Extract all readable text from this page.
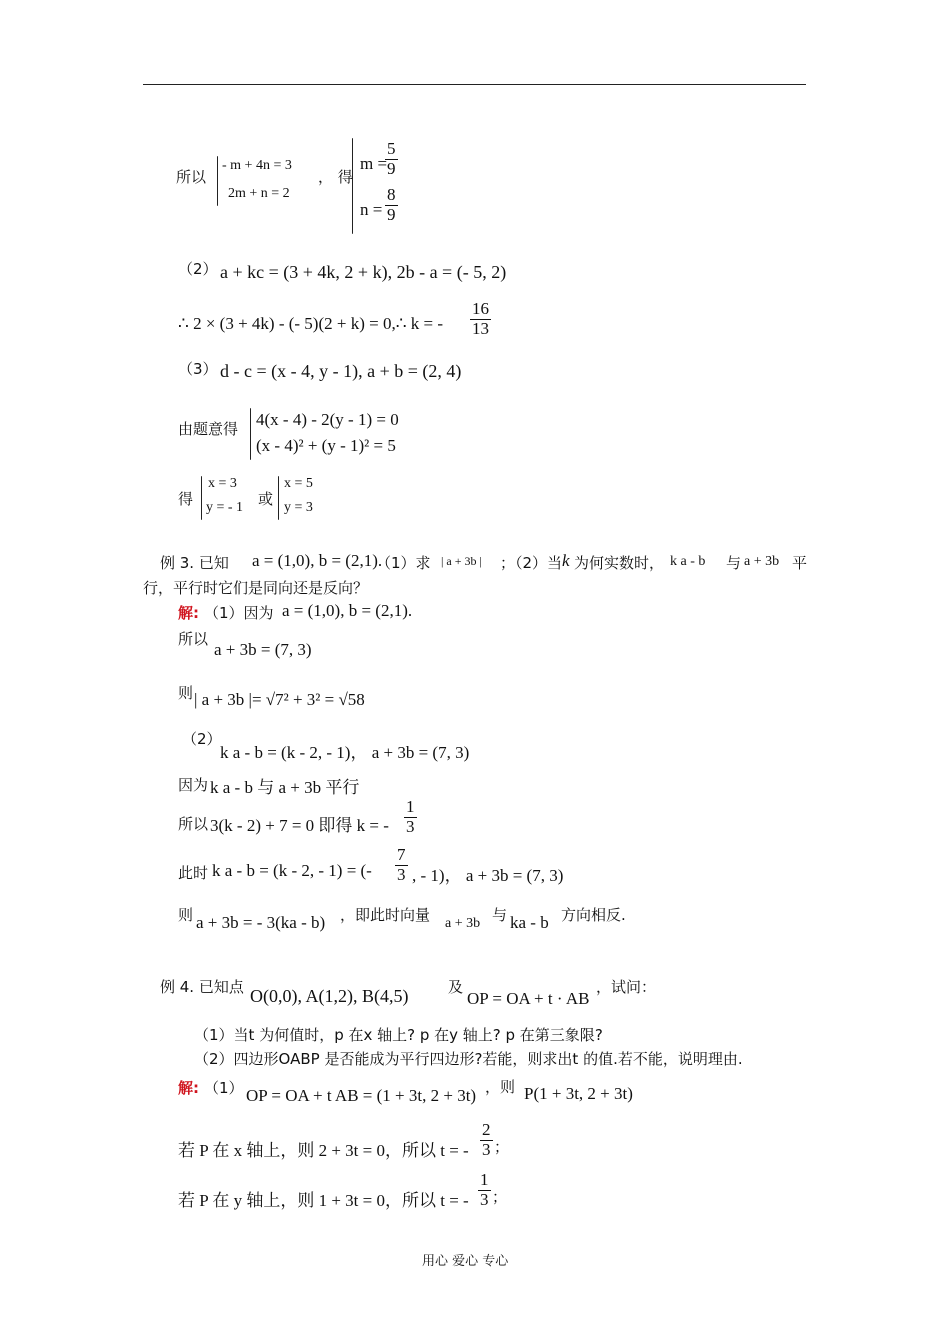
所以
- m + 4n = 3
2m + n = 2
， 得
m =
$\frac{5}{9}$
$n = \frac{8}{9}$
（2） a + kc = (3 + 4k, 2 + k), 2b - a = (- 5, 2)
∴ 2 × (3 + 4k) - (- 5)(2 + k) = 0,∴ k = - $\frac{16}{13}$
（3） d - c = (x - 4, y - 1), a + b = (2, 4)
由题意得 4(x - 4) - 2(y - 1) = 0
(x - 4)² + (y - 1)² = 5
得
x = 3
y = - 1 或
x = 5
y = 3
例 3. 已知 a = (1,0), b = (2,1).
（1）求 | a + 3b | ；（2）当 k 为何实数时， k a - b 与 a + 3b 平
行，平行时它们是同向还是反向？
解: （1）因为 a = (1,0), b = (2,1).
所以
a + 3b = (7, 3)
则 | a + 3b |= √7² + 3² = √58
（2）
k a - b = (k - 2, - 1)， a + 3b = (7, 3)
因为 k a - b 与 a + 3b 平行
所以 3(k - 2) + 7 = 0 即得 k = - $\frac{1}{3}$
此时 k a - b = (k - 2, - 1) = (- $\frac{7}{3}$ , - 1)， a + 3b = (7, 3)
则 a + 3b = - 3(ka - b) ，即此时向量 a + 3b 与 ka - b 方向相反.
例 4. 已知点 O(0,0), A(1,2), B(4,5)	及
OP = OA + t · AB
，试问：
（1）当t 为何值时，p 在x 轴上? p 在y 轴上? p 在第三象限?
（2）四边形OABP 是否能成为平行四边形?若能，则求出t 的值.若不能，说明理由.
解: （1） OP = OA + t AB = (1 + 3t, 2 + 3t) ，则 P(1 + 3t, 2 + 3t)
若 P 在 x 轴上，则 2 + 3t = 0，所以 t = - $\frac{2}{3}$ ；
若 P 在 y 轴上，则 1 + 3t = 0，所以 t = - $\frac{1}{3}$ ；
用心 爱心 专心
